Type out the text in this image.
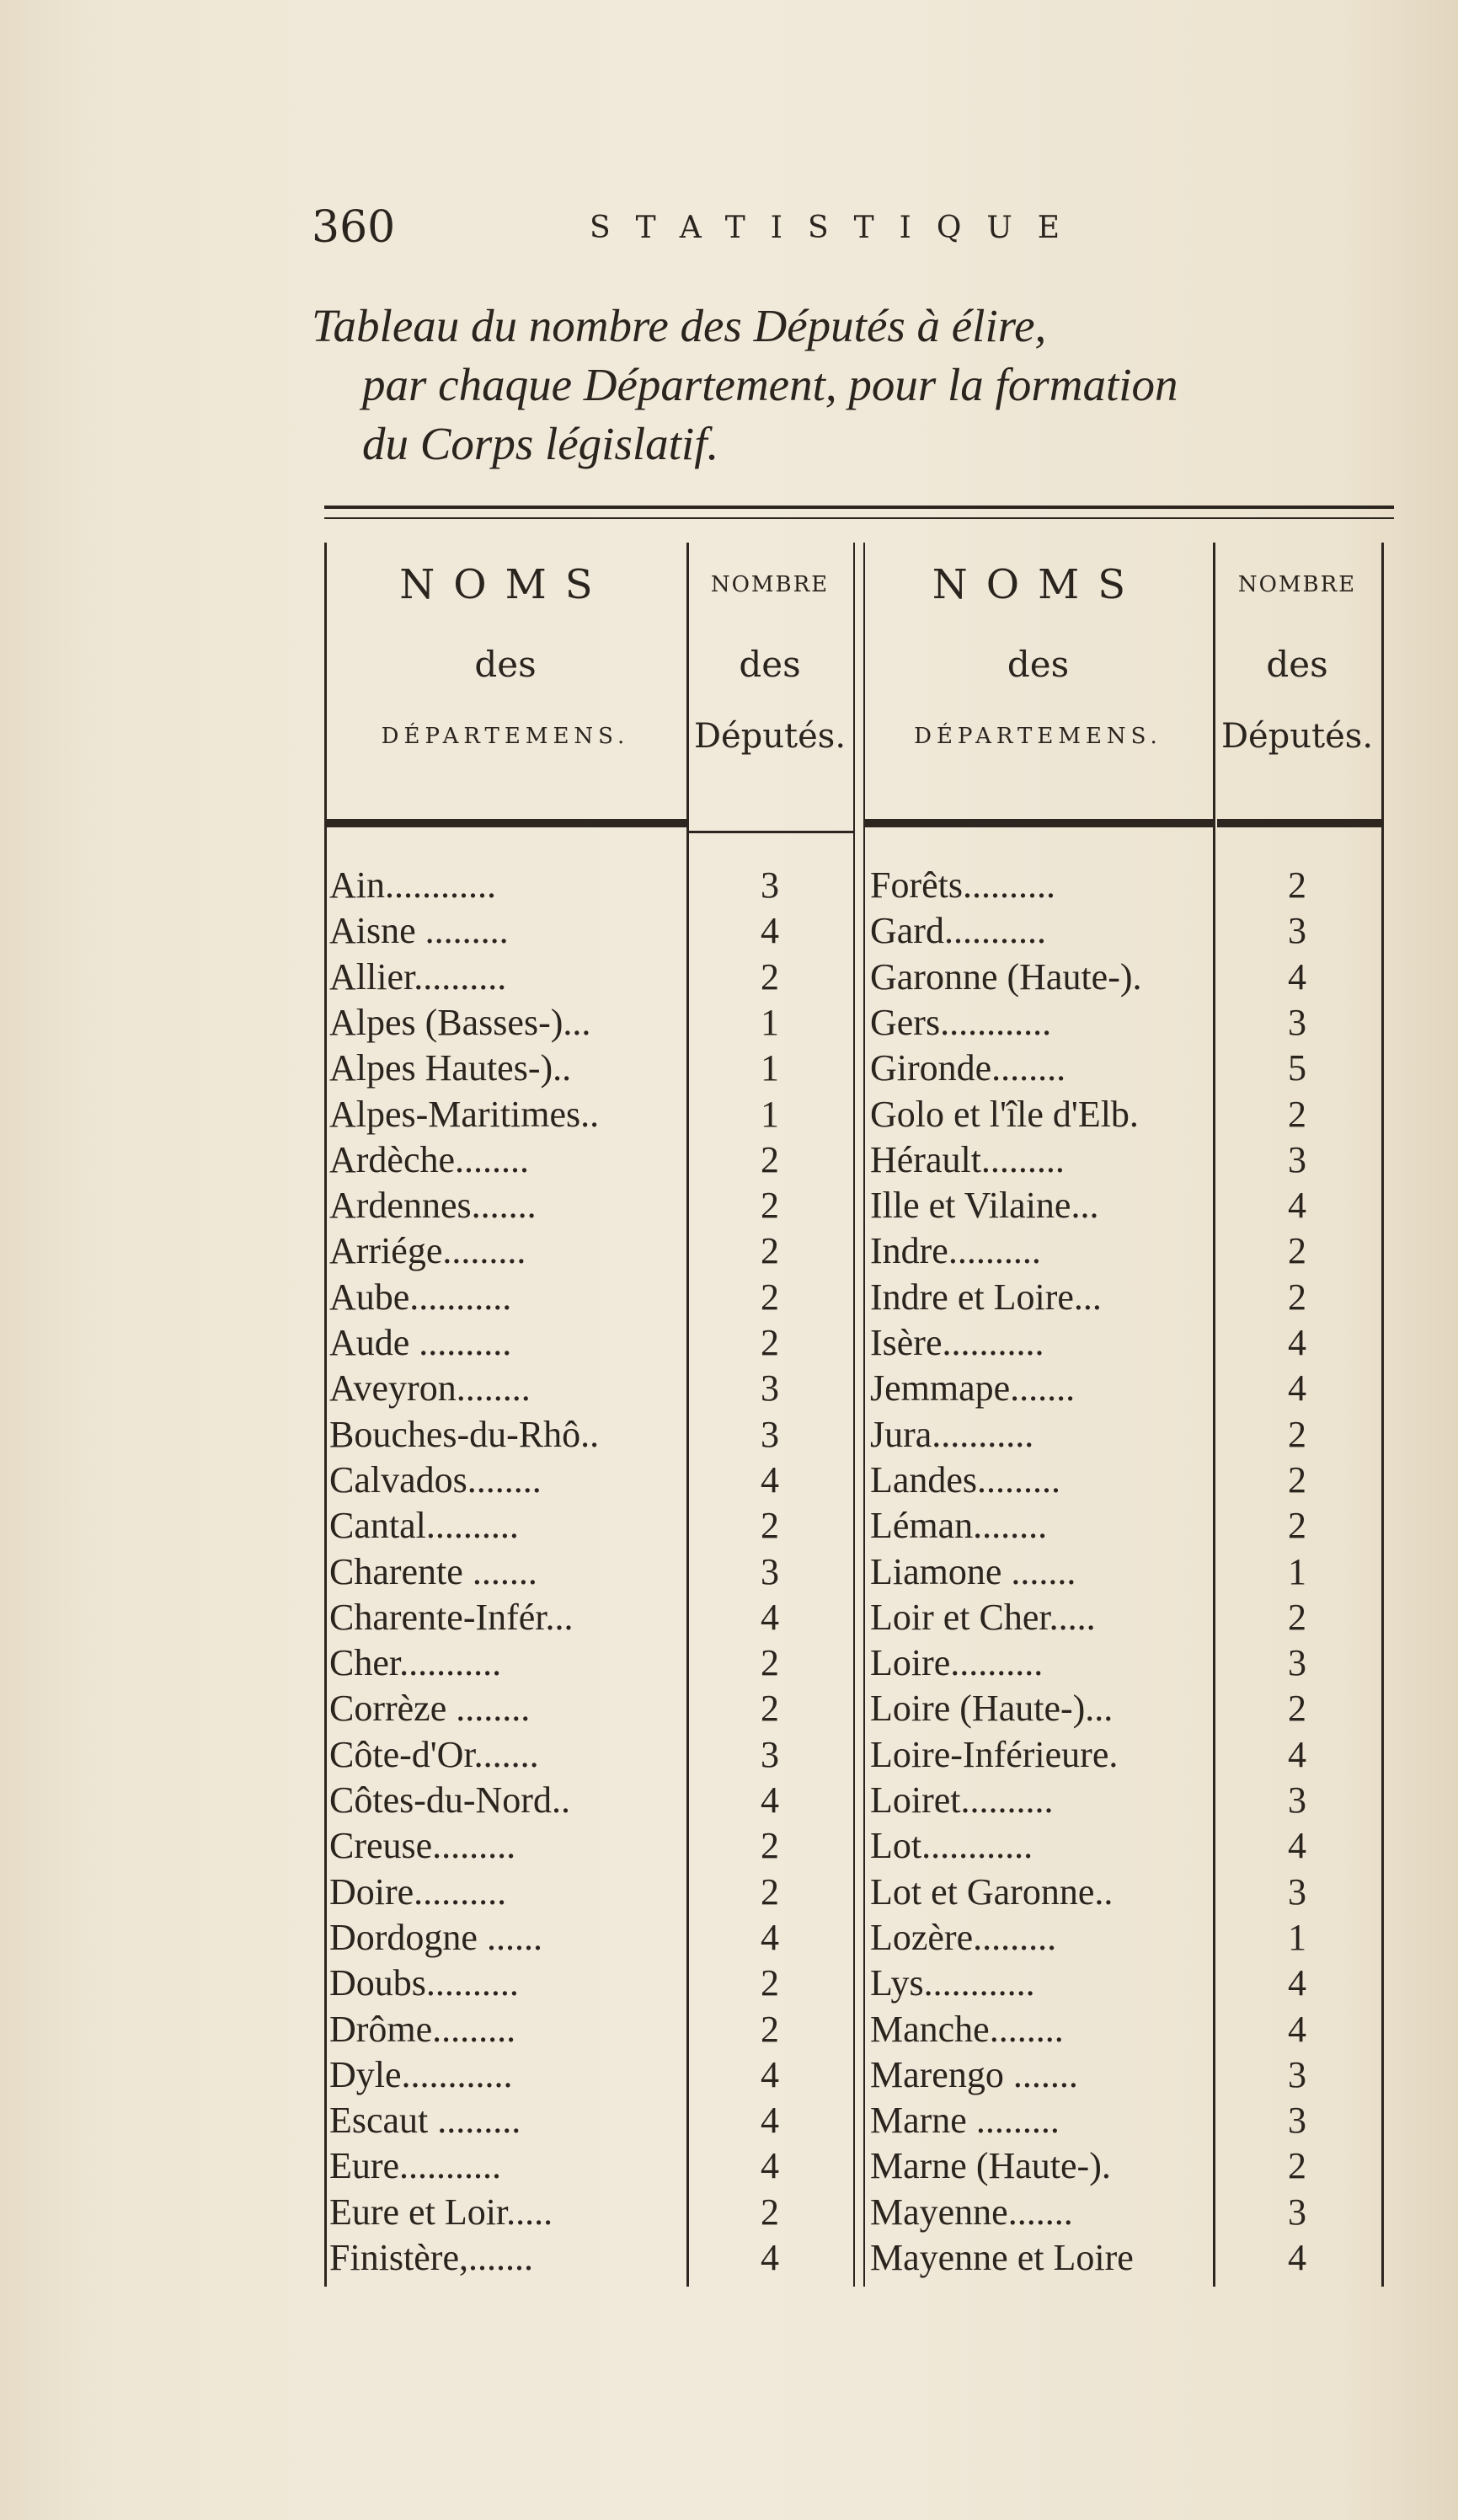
360	STATISTIQUE
Tableau du nombre des Députés à élire,
par chaque Département, pour la formation
du Corps législatif.
NOMS
des
DÉPARTEMENS.
NOMBRE
des
Députés.
NOMS
des
DÉPARTEMENS.
NOMBRE
des
Députés.
Ain............	3	Forêts..........	2
Aisne .........	4	Gard...........	3
Allier..........	2	Garonne (Haute-).	4
Alpes (Basses-)...	1	Gers............	3
Alpes Hautes-)..	1	Gironde........	5
Alpes-Maritimes..	1	Golo et l'île d'Elb.	2
Ardèche........	2	Hérault.........	3
Ardennes.......	2	Ille et Vilaine...	4
Arriége.........	2	Indre..........	2
Aube...........	2	Indre et Loire...	2
Aude ..........	2	Isère...........	4
Aveyron........	3	Jemmape.......	4
Bouches-du-Rhô..	3	Jura...........	2
Calvados........	4	Landes.........	2
Cantal..........	2	Léman........	2
Charente .......	3	Liamone .......	1
Charente-Infér...	4	Loir et Cher.....	2
Cher...........	2	Loire..........	3
Corrèze ........	2	Loire (Haute-)...	2
Côte-d'Or.......	3	Loire-Inférieure.	4
Côtes-du-Nord..	4	Loiret..........	3
Creuse.........	2	Lot............	4
Doire..........	2	Lot et Garonne..	3
Dordogne ......	4	Lozère.........	1
Doubs..........	2	Lys............	4
Drôme.........	2	Manche........	4
Dyle............	4	Marengo .......	3
Escaut .........	4	Marne .........	3
Eure...........	4	Marne (Haute-).	2
Eure et Loir.....	2	Mayenne.......	3
Finistère,.......	4	Mayenne et Loire	4
